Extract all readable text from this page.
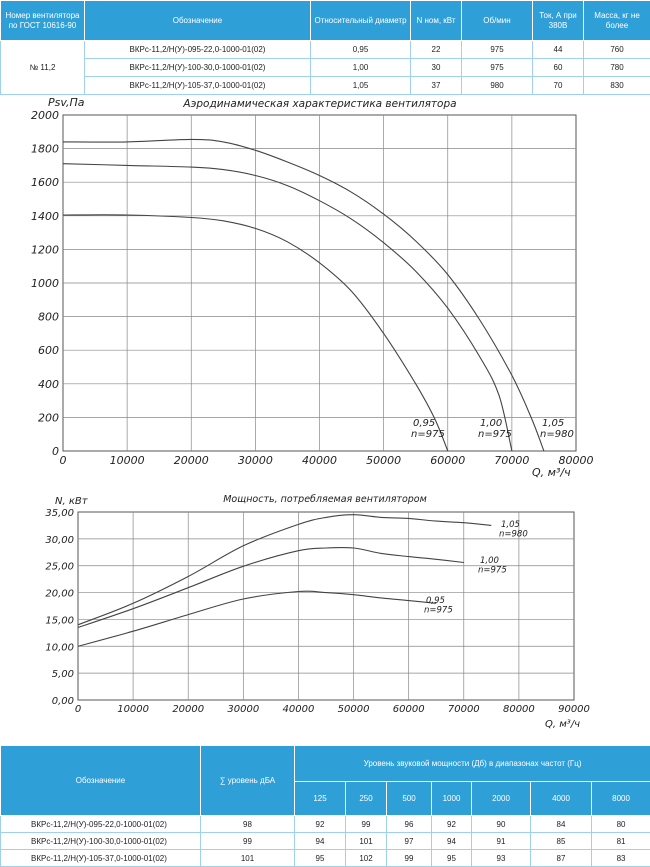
Номер вентилятора по ГОСТ 10616-90	Обозначение	Относительный диаметр	N ном, кВт	Об/мин	Ток, А при 380В	Масса, кг не более
№ 11,2	ВКРс-11,2/Н(У)-095-22,0-1000-01(02)	0,95	22	975	44	760
	ВКРс-11,2/Н(У)-100-30,0-1000-01(02)	1,00	30	975	60	780
	ВКРс-11,2/Н(У)-105-37,0-1000-01(02)	1,05	37	980	70	830
Аэродинамическая характеристика вентилятора
Psv,Па
Q, м³/ч
0	10000	20000	30000	40000	50000	60000	70000	80000
0
200
400
600
800
1000
1200
1400
1600
1800
2000
0,95
n=975
1,00
n=975
1,05
n=980
Мощность, потребляемая вентилятором
N, кВт
Q, м³/ч
0	10000 20000 30000 40000 50000 60000 70000 80000 90000
0,00
5,00
10,00
15,00
20,00
25,00
30,00
35,00
0,95
n=975
1,00
n=975
1,05
n=980
Обозначение	∑ уровень дБА	Уровень звуковой мощности (Дб) в диапазонах частот (Гц)						
		125	250	500	1000	2000	4000	8000
ВКРс-11,2/Н(У)-095-22,0-1000-01(02)	98	92	99	96	92	90	84	80
ВКРс-11,2/Н(У)-100-30,0-1000-01(02)	99	94	101	97	94	91	85	81
ВКРс-11,2/Н(У)-105-37,0-1000-01(02)	101	95	102	99	95	93	87	83
